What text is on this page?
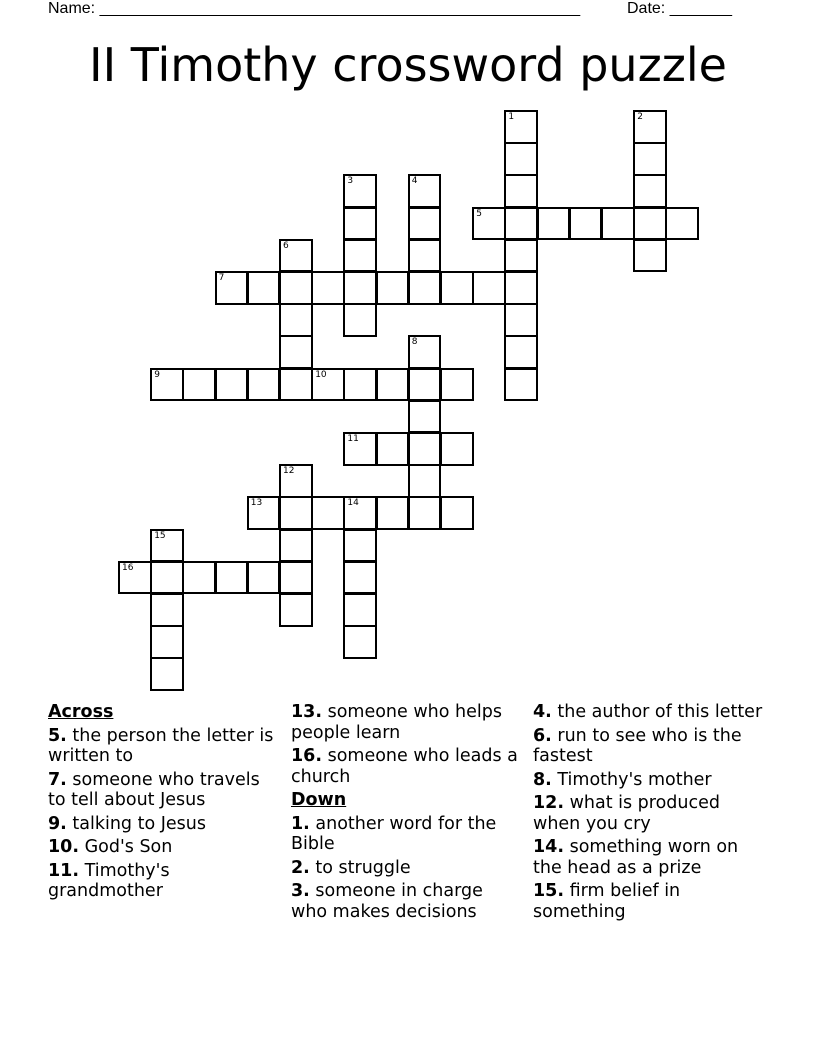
Name: ______________________________________________________	Date: _______
II Timothy crossword puzzle
1	2
3	4
5
6
7
8
9	10
11
12
13	14
15
16
Across
5. the person the letter is written to
7. someone who travels to tell about Jesus
9. talking to Jesus
10. God's Son
11. Timothy's grandmother
13. someone who helps people learn
16. someone who leads a church
Down
1. another word for the Bible
2. to struggle
3. someone in charge who makes decisions
4. the author of this letter
6. run to see who is the fastest
8. Timothy's mother
12. what is produced when you cry
14. something worn on the head as a prize
15. firm belief in something
